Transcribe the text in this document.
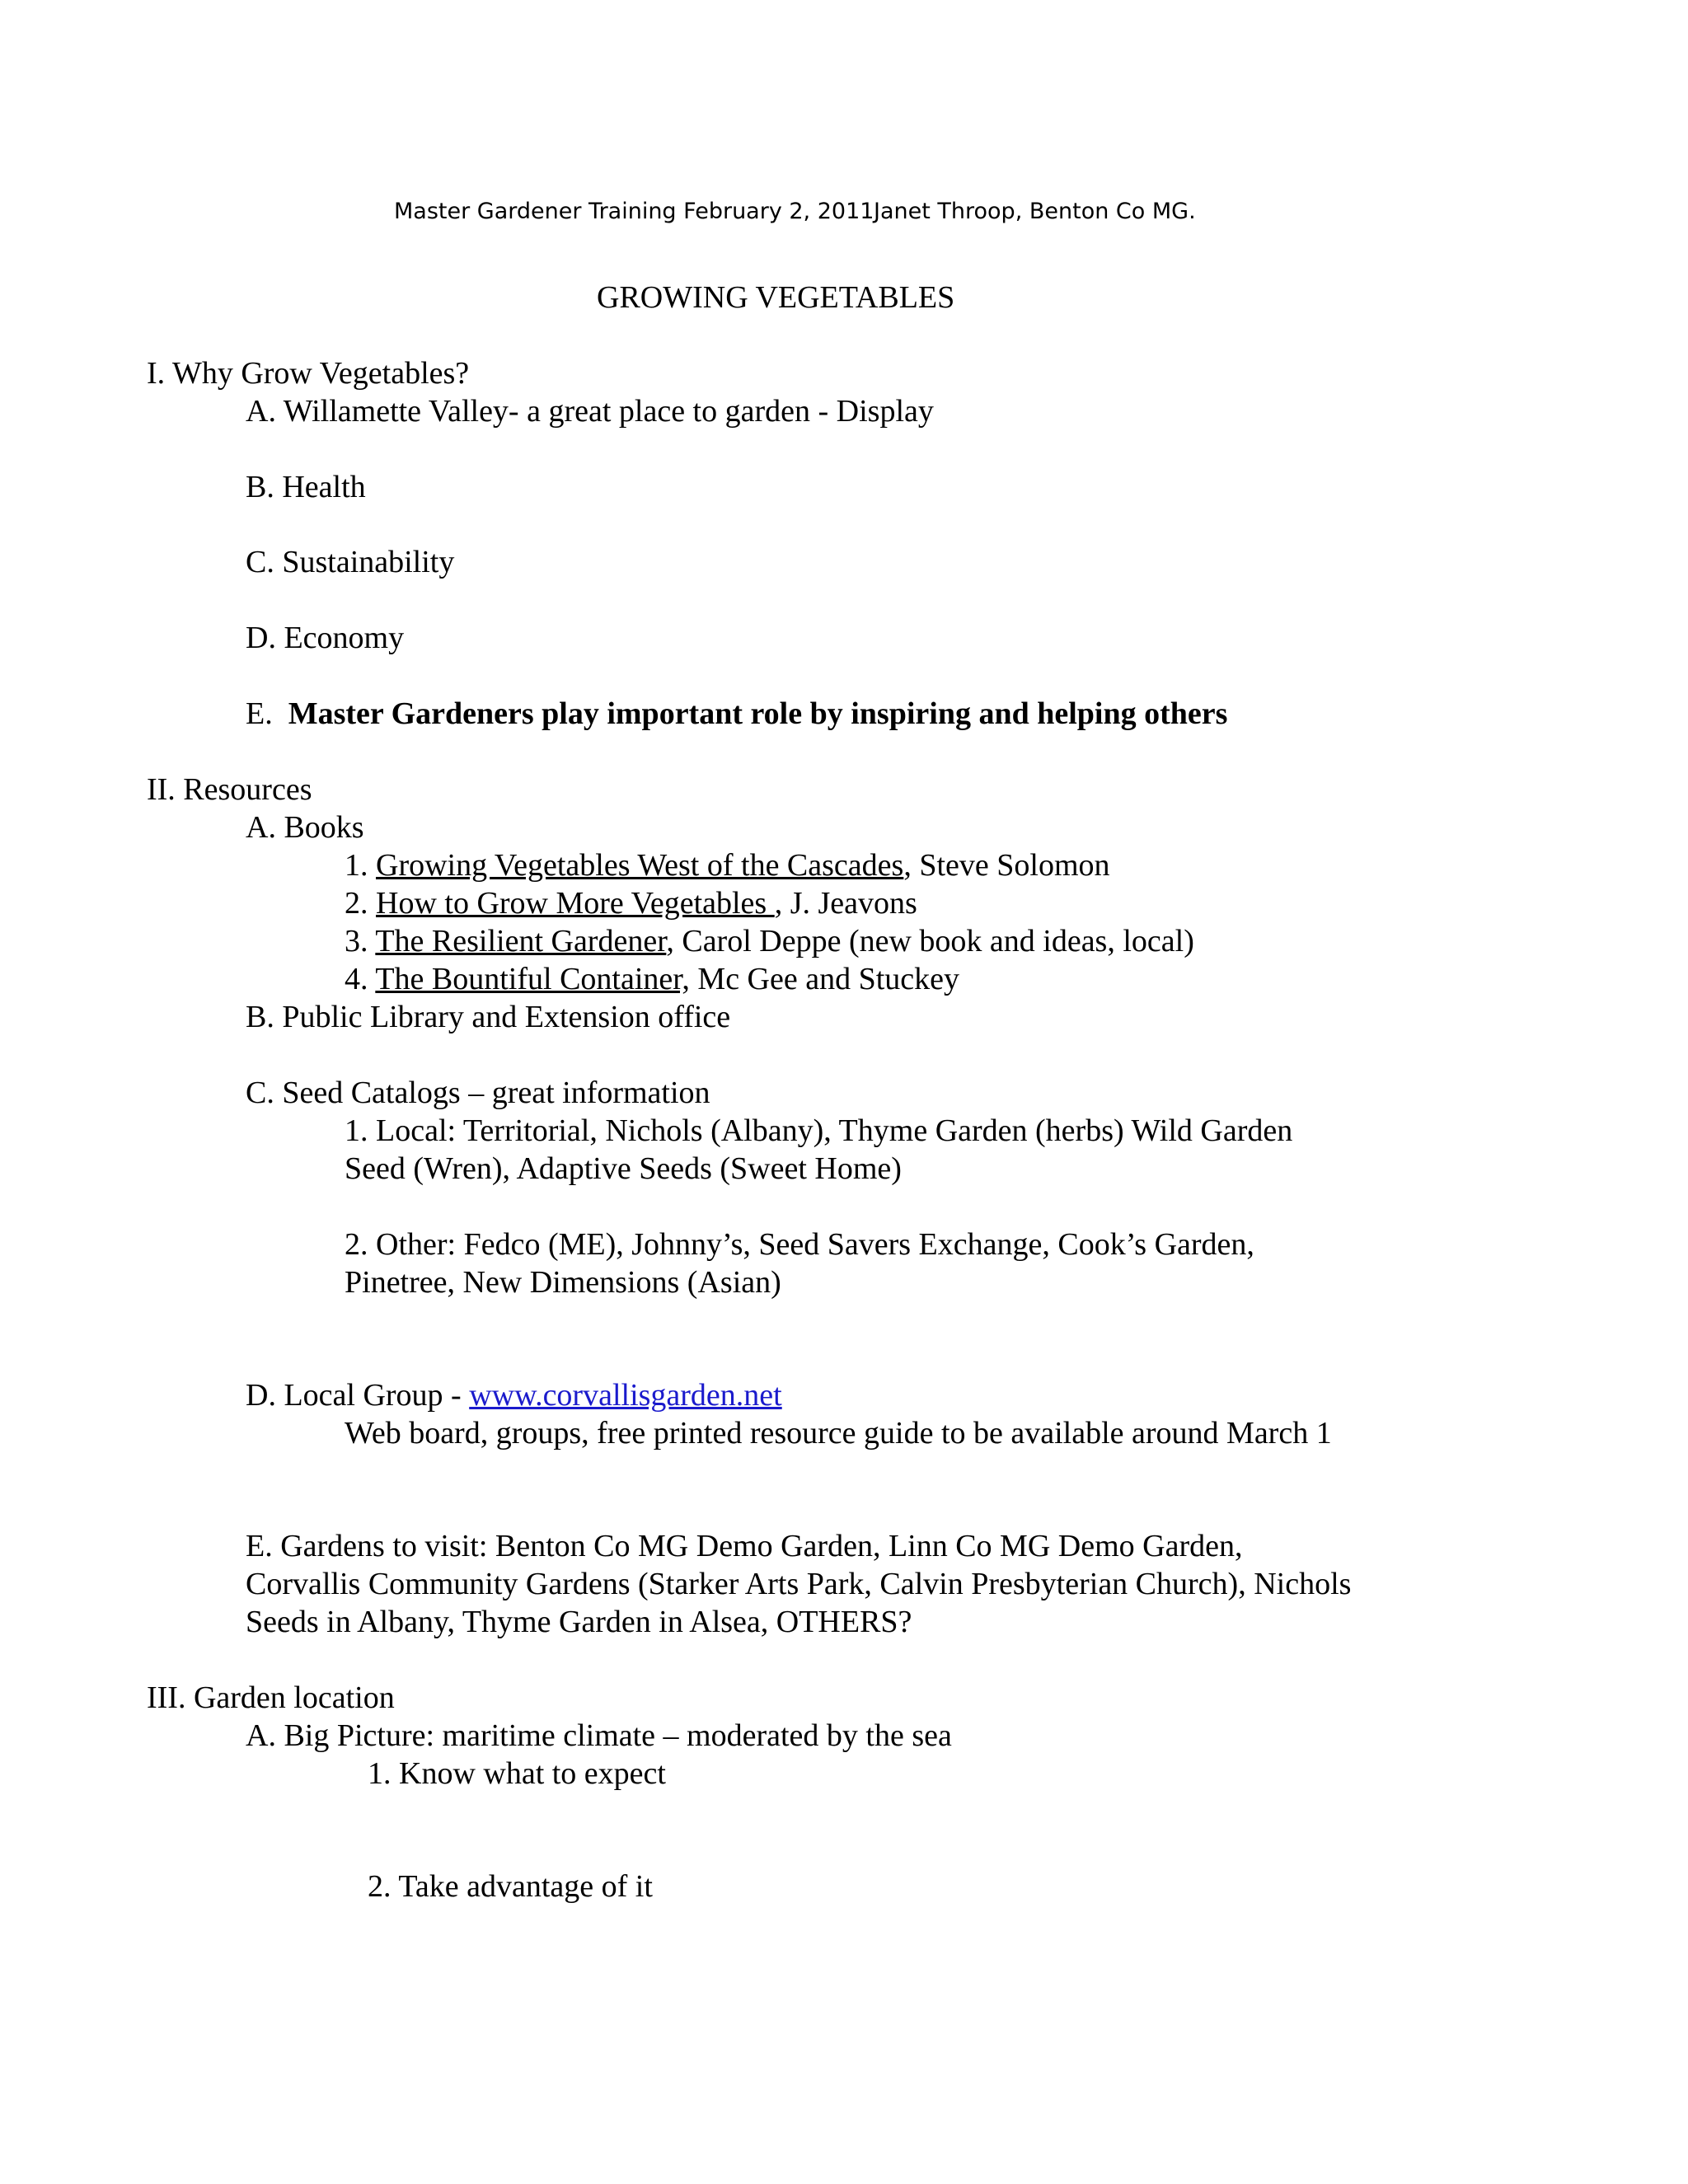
Master Gardener Training February 2, 2011 Janet Throop, Benton Co MG.
GROWING VEGETABLES
I. Why Grow Vegetables?
A. Willamette Valley- a great place to garden - Display
B. Health
C. Sustainability
D. Economy
E. Master Gardeners play important role by inspiring and helping others
II. Resources
A. Books
1. Growing Vegetables West of the Cascades, Steve Solomon
2. How to Grow More Vegetables , J. Jeavons
3. The Resilient Gardener, Carol Deppe (new book and ideas, local)
4. The Bountiful Container, Mc Gee and Stuckey
B. Public Library and Extension office
C. Seed Catalogs – great information
1. Local: Territorial, Nichols (Albany), Thyme Garden (herbs) Wild Garden
Seed (Wren), Adaptive Seeds (Sweet Home)
2. Other: Fedco (ME), Johnny’s, Seed Savers Exchange, Cook’s Garden,
Pinetree, New Dimensions (Asian)
D. Local Group - www.corvallisgarden.net
Web board, groups, free printed resource guide to be available around March 1
E. Gardens to visit: Benton Co MG Demo Garden, Linn Co MG Demo Garden,
Corvallis Community Gardens (Starker Arts Park, Calvin Presbyterian Church), Nichols
Seeds in Albany, Thyme Garden in Alsea, OTHERS?
III. Garden location
A. Big Picture: maritime climate – moderated by the sea
1. Know what to expect
2. Take advantage of it
